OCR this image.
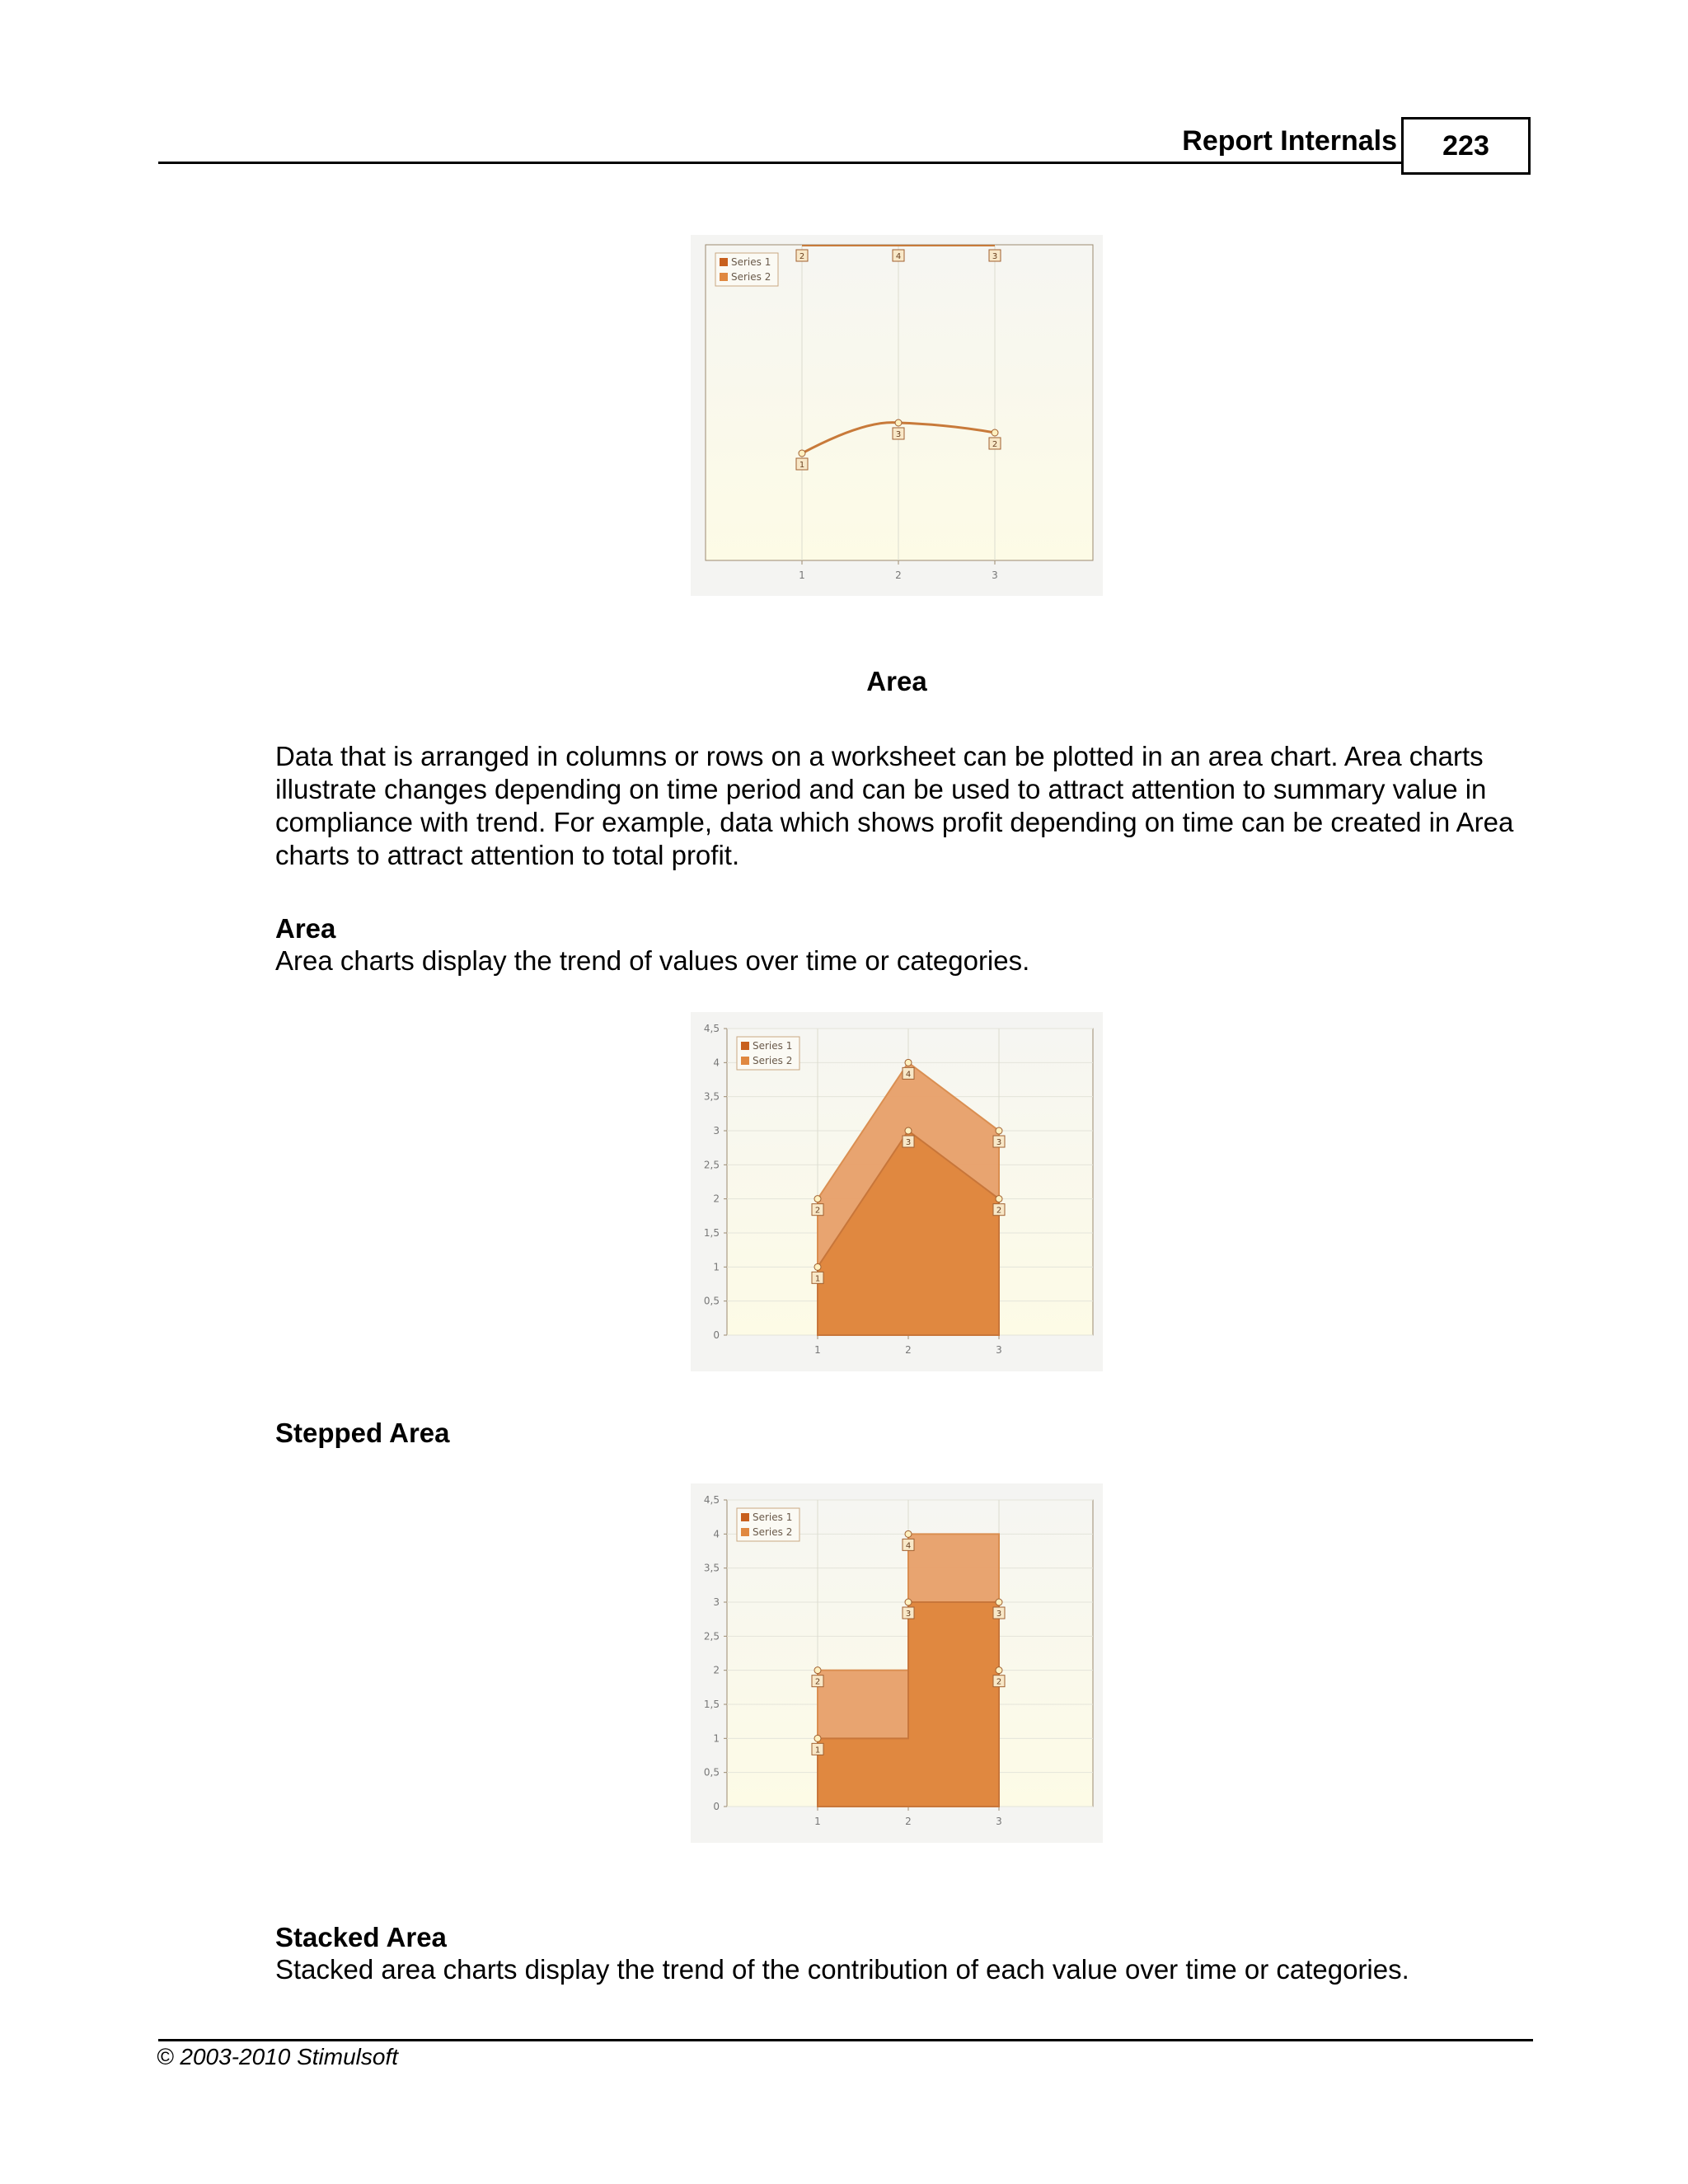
Report Internals	223
1	2	3
2	4	3
1
3
2
Series 1
Series 2
Area
Data that is arranged in columns or rows on a worksheet can be plotted in an area chart. Area charts illustrate changes depending on time period and can be used to attract attention to summary value in compliance with trend. For example, data which shows profit depending on time can be created in Area charts to attract attention to total profit.
Area
Area charts display the trend of values over time or categories.
0
0,5
1
1,5
2
2,5
3
3,5
4
4,5
1	2	3
1
3
2
2
4
3
Series 1
Series 2
Stepped Area
0
0,5
1
1,5
2
2,5
3
3,5
4
4,5
1	2	3
1
3
2
2
4
3
Series 1
Series 2
Stacked Area
Stacked area charts display the trend of the contribution of each value over time or categories.
© 2003-2010 Stimulsoft
